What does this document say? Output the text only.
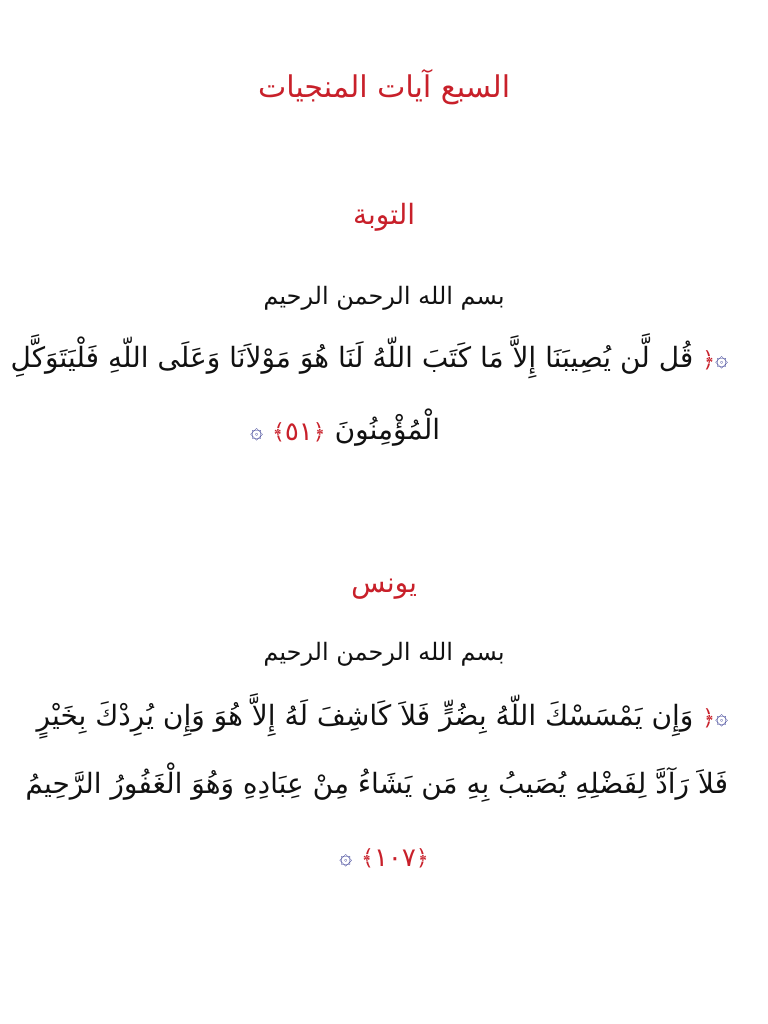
السبع آيات المنجيات
التوبة
بسم الله الرحمن الرحيم
۞﴿ قُل لَّن يُصِيبَنَا إِلاَّ مَا كَتَبَ اللّهُ لَنَا هُوَ مَوْلاَنَا وَعَلَى اللّهِ فَلْيَتَوَكَّلِ
الْمُؤْمِنُونَ ﴿٥١﴾ ۞
يونس
بسم الله الرحمن الرحيم
۞﴿ وَإِن يَمْسَسْكَ اللّهُ بِضُرٍّ فَلاَ كَاشِفَ لَهُ إِلاَّ هُوَ وَإِن يُرِدْكَ بِخَيْرٍ
فَلاَ رَآدَّ لِفَضْلِهِ يُصَيبُ بِهِ مَن يَشَاءُ مِنْ عِبَادِهِ وَهُوَ الْغَفُورُ الرَّحِيمُ
﴿١٠٧﴾ ۞
